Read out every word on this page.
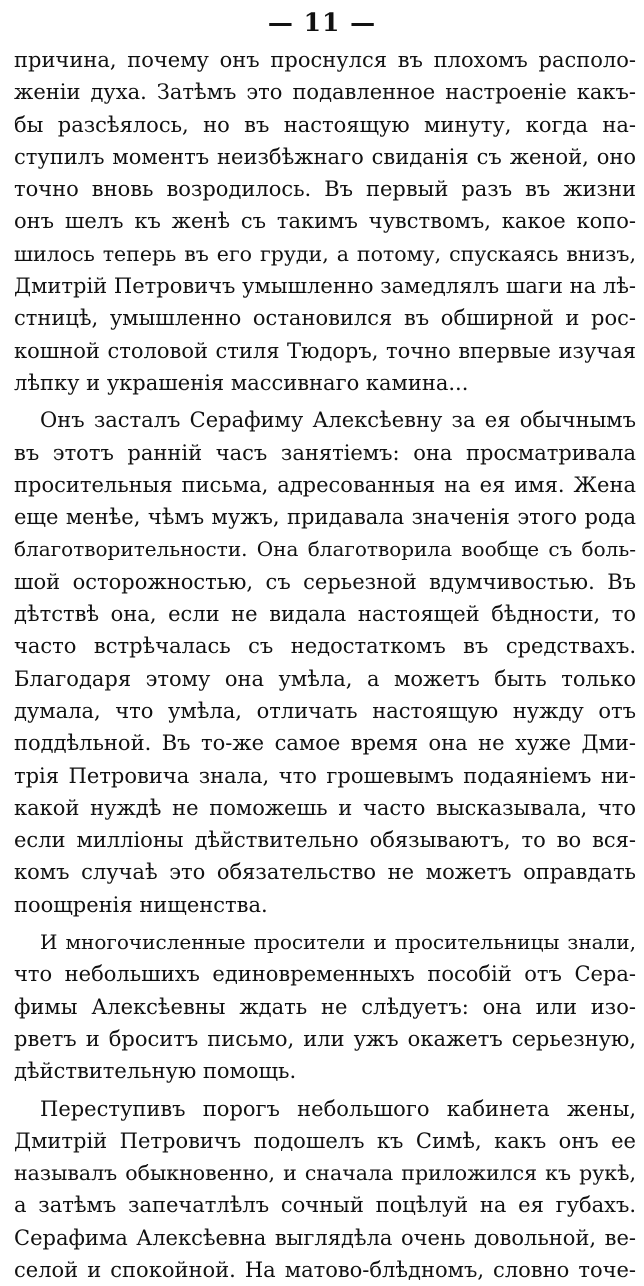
— 11 —
причина, почему онъ проснулся въ плохомъ располо-
женіи духа. Затѣмъ это подавленное настроеніе какъ-
бы разсѣялось, но въ настоящую минуту, когда на-
ступилъ моментъ неизбѣжнаго свиданія съ женой, оно
точно вновь возродилось. Въ первый разъ въ жизни
онъ шелъ къ женѣ съ такимъ чувствомъ, какое копо-
шилось теперь въ его груди, а потому, спускаясь внизъ,
Дмитрій Петровичъ умышленно замедлялъ шаги на лѣ-
стницѣ, умышленно остановился въ обширной и рос-
кошной столовой стиля Тюдоръ, точно впервые изучая
лѣпку и украшенія массивнаго камина...
Онъ засталъ Серафиму Алексѣевну за ея обычнымъ
въ этотъ ранній часъ занятіемъ: она просматривала
просительныя письма, адресованныя на ея имя. Жена
еще менѣе, чѣмъ мужъ, придавала значенія этого рода
благотворительности. Она благотворила вообще съ боль-
шой осторожностью, съ серьезной вдумчивостью. Въ
дѣтствѣ она, если не видала настоящей бѣдности, то
часто встрѣчалась съ недостаткомъ въ средствахъ.
Благодаря этому она умѣла, а можетъ быть только
думала, что умѣла, отличать настоящую нужду отъ
поддѣльной. Въ то-же самое время она не хуже Дми-
трія Петровича знала, что грошевымъ подаяніемъ ни-
какой нуждѣ не поможешь и часто высказывала, что
если милліоны дѣйствительно обязываютъ, то во вся-
комъ случаѣ это обязательство не можетъ оправдать
поощренія нищенства.
И многочисленные просители и просительницы знали,
что небольшихъ единовременныхъ пособій отъ Сера-
фимы Алексѣевны ждать не слѣдуетъ: она или изо-
рветъ и броситъ письмо, или ужъ окажетъ серьезную,
дѣйствительную помощь.
Переступивъ порогъ небольшого кабинета жены,
Дмитрій Петровичъ подошелъ къ Симѣ, какъ онъ ее
называлъ обыкновенно, и сначала приложился къ рукѣ,
а затѣмъ запечатлѣлъ сочный поцѣлуй на ея губахъ.
Серафима Алексѣевна выглядѣла очень довольной, ве-
селой и спокойной. На матово-блѣдномъ, словно точе-
